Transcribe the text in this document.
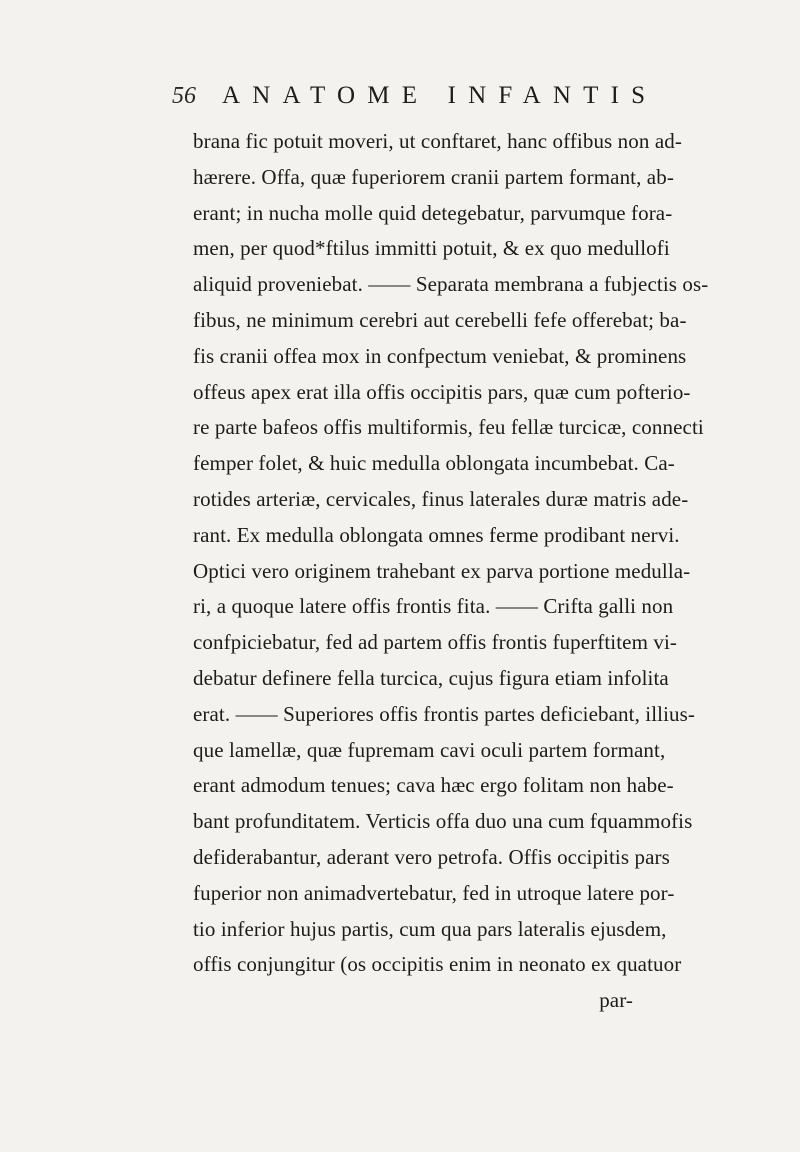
56 ANATOME INFANTIS
brana fic potuit moveri, ut conftaret, hanc offibus non ad-
hærere. Offa, quæ fuperiorem cranii partem formant, ab-
erant; in nucha molle quid detegebatur, parvumque fora-
men, per quod*ftilus immitti potuit, & ex quo medullofi
aliquid proveniebat. —— Separata membrana a fubjectis os-
fibus, ne minimum cerebri aut cerebelli fefe offerebat; ba-
fis cranii offea mox in confpectum veniebat, & prominens
offeus apex erat illa offis occipitis pars, quæ cum pofterio-
re parte bafeos offis multiformis, feu fellæ turcicæ, connecti
femper folet, & huic medulla oblongata incumbebat. Ca-
rotides arteriæ, cervicales, finus laterales duræ matris ade-
rant. Ex medulla oblongata omnes ferme prodibant nervi.
Optici vero originem trahebant ex parva portione medulla-
ri, a quoque latere offis frontis fita. —— Crifta galli non
confpiciebatur, fed ad partem offis frontis fuperftitem vi-
debatur definere fella turcica, cujus figura etiam infolita
erat. —— Superiores offis frontis partes deficiebant, illius-
que lamellæ, quæ fupremam cavi oculi partem formant,
erant admodum tenues; cava hæc ergo folitam non habe-
bant profunditatem. Verticis offa duo una cum fquammofis
defiderabantur, aderant vero petrofa. Offis occipitis pars
fuperior non animadvertebatur, fed in utroque latere por-
tio inferior hujus partis, cum qua pars lateralis ejusdem,
offis conjungitur (os occipitis enim in neonato ex quatuor
par-
